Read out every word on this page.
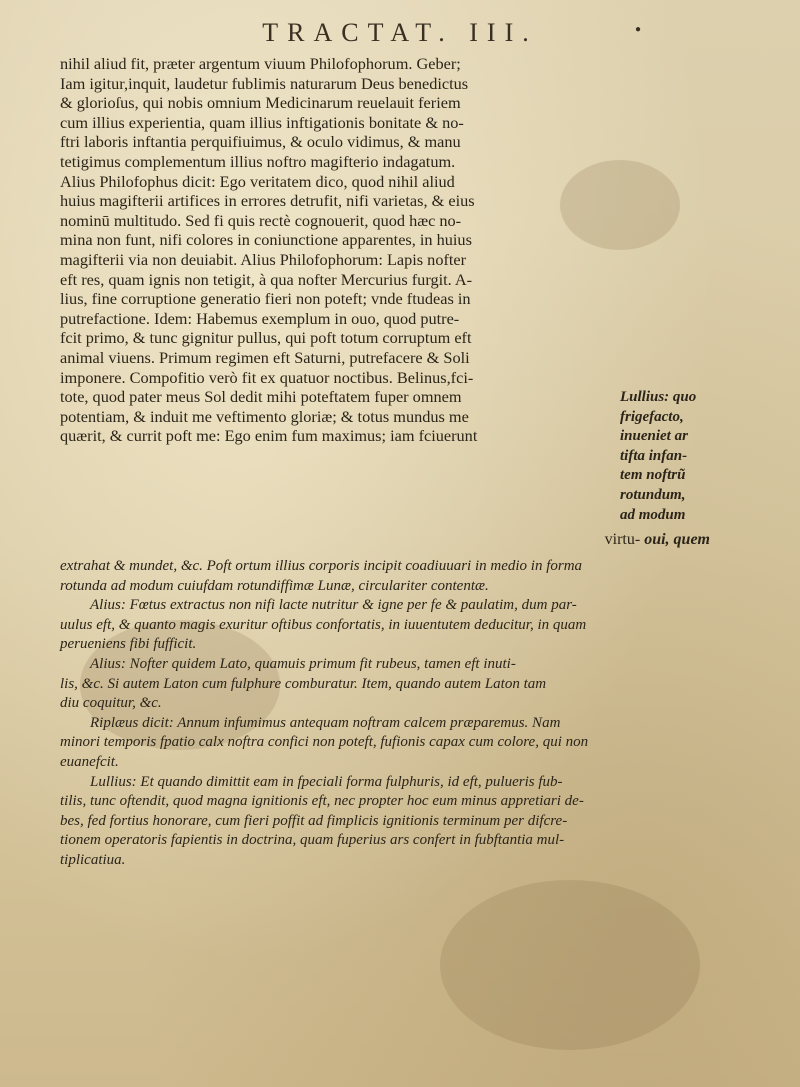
TRACTAT. III.	●
nihil aliud fit, præter argentum viuum Philofophorum. Geber;
Iam igitur,inquit, laudetur fublimis naturarum Deus benedictus
& glorioſus, qui nobis omnium Medicinarum reuelauit feriem
cum illius experientia, quam illius inftigationis bonitate & no-
ftri laboris inftantia perquifiuimus, & oculo vidimus, & manu
tetigimus complementum illius noftro magifterio indagatum.
Alius Philofophus dicit: Ego veritatem dico, quod nihil aliud
huius magifterii artifices in errores detrufit, nifi varietas, & eius
nominū multitudo. Sed fi quis rectè cognouerit, quod hæc no-
mina non funt, nifi colores in coniunctione apparentes, in huius
magifterii via non deuiabit. Alius Philofophorum: Lapis nofter
eft res, quam ignis non tetigit, à qua nofter Mercurius furgit. A-
lius, fine corruptione generatio fieri non poteft; vnde ftudeas in
putrefactione. Idem: Habemus exemplum in ouo, quod putre-
fcit primo, & tunc gignitur pullus, qui poft totum corruptum eft
animal viuens. Primum regimen eft Saturni, putrefacere & Soli
imponere. Compofitio verò fit ex quatuor noctibus. Belinus,fci-
tote, quod pater meus Sol dedit mihi poteftatem fuper omnem
potentiam, & induit me veftimento gloriæ; & totus mundus me
quærit, & currit poft me: Ego enim fum maximus; iam fciuerunt
Lullius: quo
frigefacto,
inueniet ar
tifta infan-
tem noftrũ
rotundum,
ad modum
virtu- oui, quem
extrahat & mundet, &c. Poft ortum illius corporis incipit coadiuuari in medio in forma
rotunda ad modum cuiufdam rotundiffimæ Lunæ, circulariter contentæ.
Alius: Fœtus extractus non nifi lacte nutritur & igne per fe & paulatim, dum par-
uulus eft, & quanto magis exuritur oftibus confortatis, in iuuentutem deducitur, in quam
perueniens fibi fufficit.
Alius: Nofter quidem Lato, quamuis primum fit rubeus, tamen eft inuti-
lis, &c. Si autem Laton cum fulphure comburatur. Item, quando autem Laton tam
diu coquitur, &c.
Riplæus dicit: Annum infumimus antequam noftram calcem præparemus. Nam
minori temporis fpatio calx noftra confici non poteft, fufionis capax cum colore, qui non
euanefcit.
Lullius: Et quando dimittit eam in fpeciali forma fulphuris, id eft, pulueris fub-
tilis, tunc oftendit, quod magna ignitionis eft, nec propter hoc eum minus appretiari de-
bes, fed fortius honorare, cum fieri poffit ad fimplicis ignitionis terminum per difcre-
tionem operatoris fapientis in doctrina, quam fuperius ars confert in fubftantia mul-
tiplicatiua.
